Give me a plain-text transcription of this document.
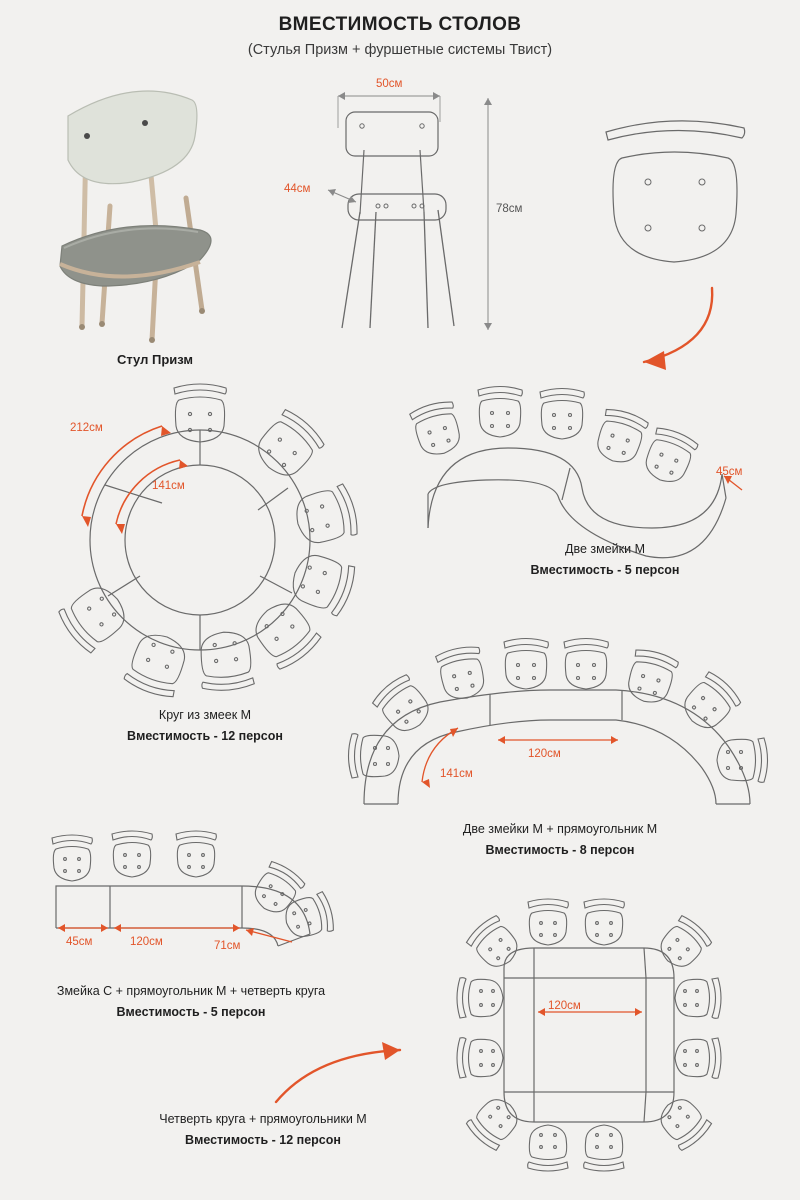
ВМЕСТИМОСТЬ СТОЛОВ
(Стулья Призм + фуршетные системы Твист)
Стул Призм
50см
44см
78см
212см
141см
Круг из змеек М
Вместимость - 12 персон
45см
Две змейки М
Вместимость - 5 персон
141см
120см
Две змейки М + прямоугольник М
Вместимость - 8 персон
45см	120см	71см
Змейка С + прямоугольник М + четверть круга
Вместимость - 5 персон	120см
Четверть круга + прямоугольники М
Вместимость - 12 персон
